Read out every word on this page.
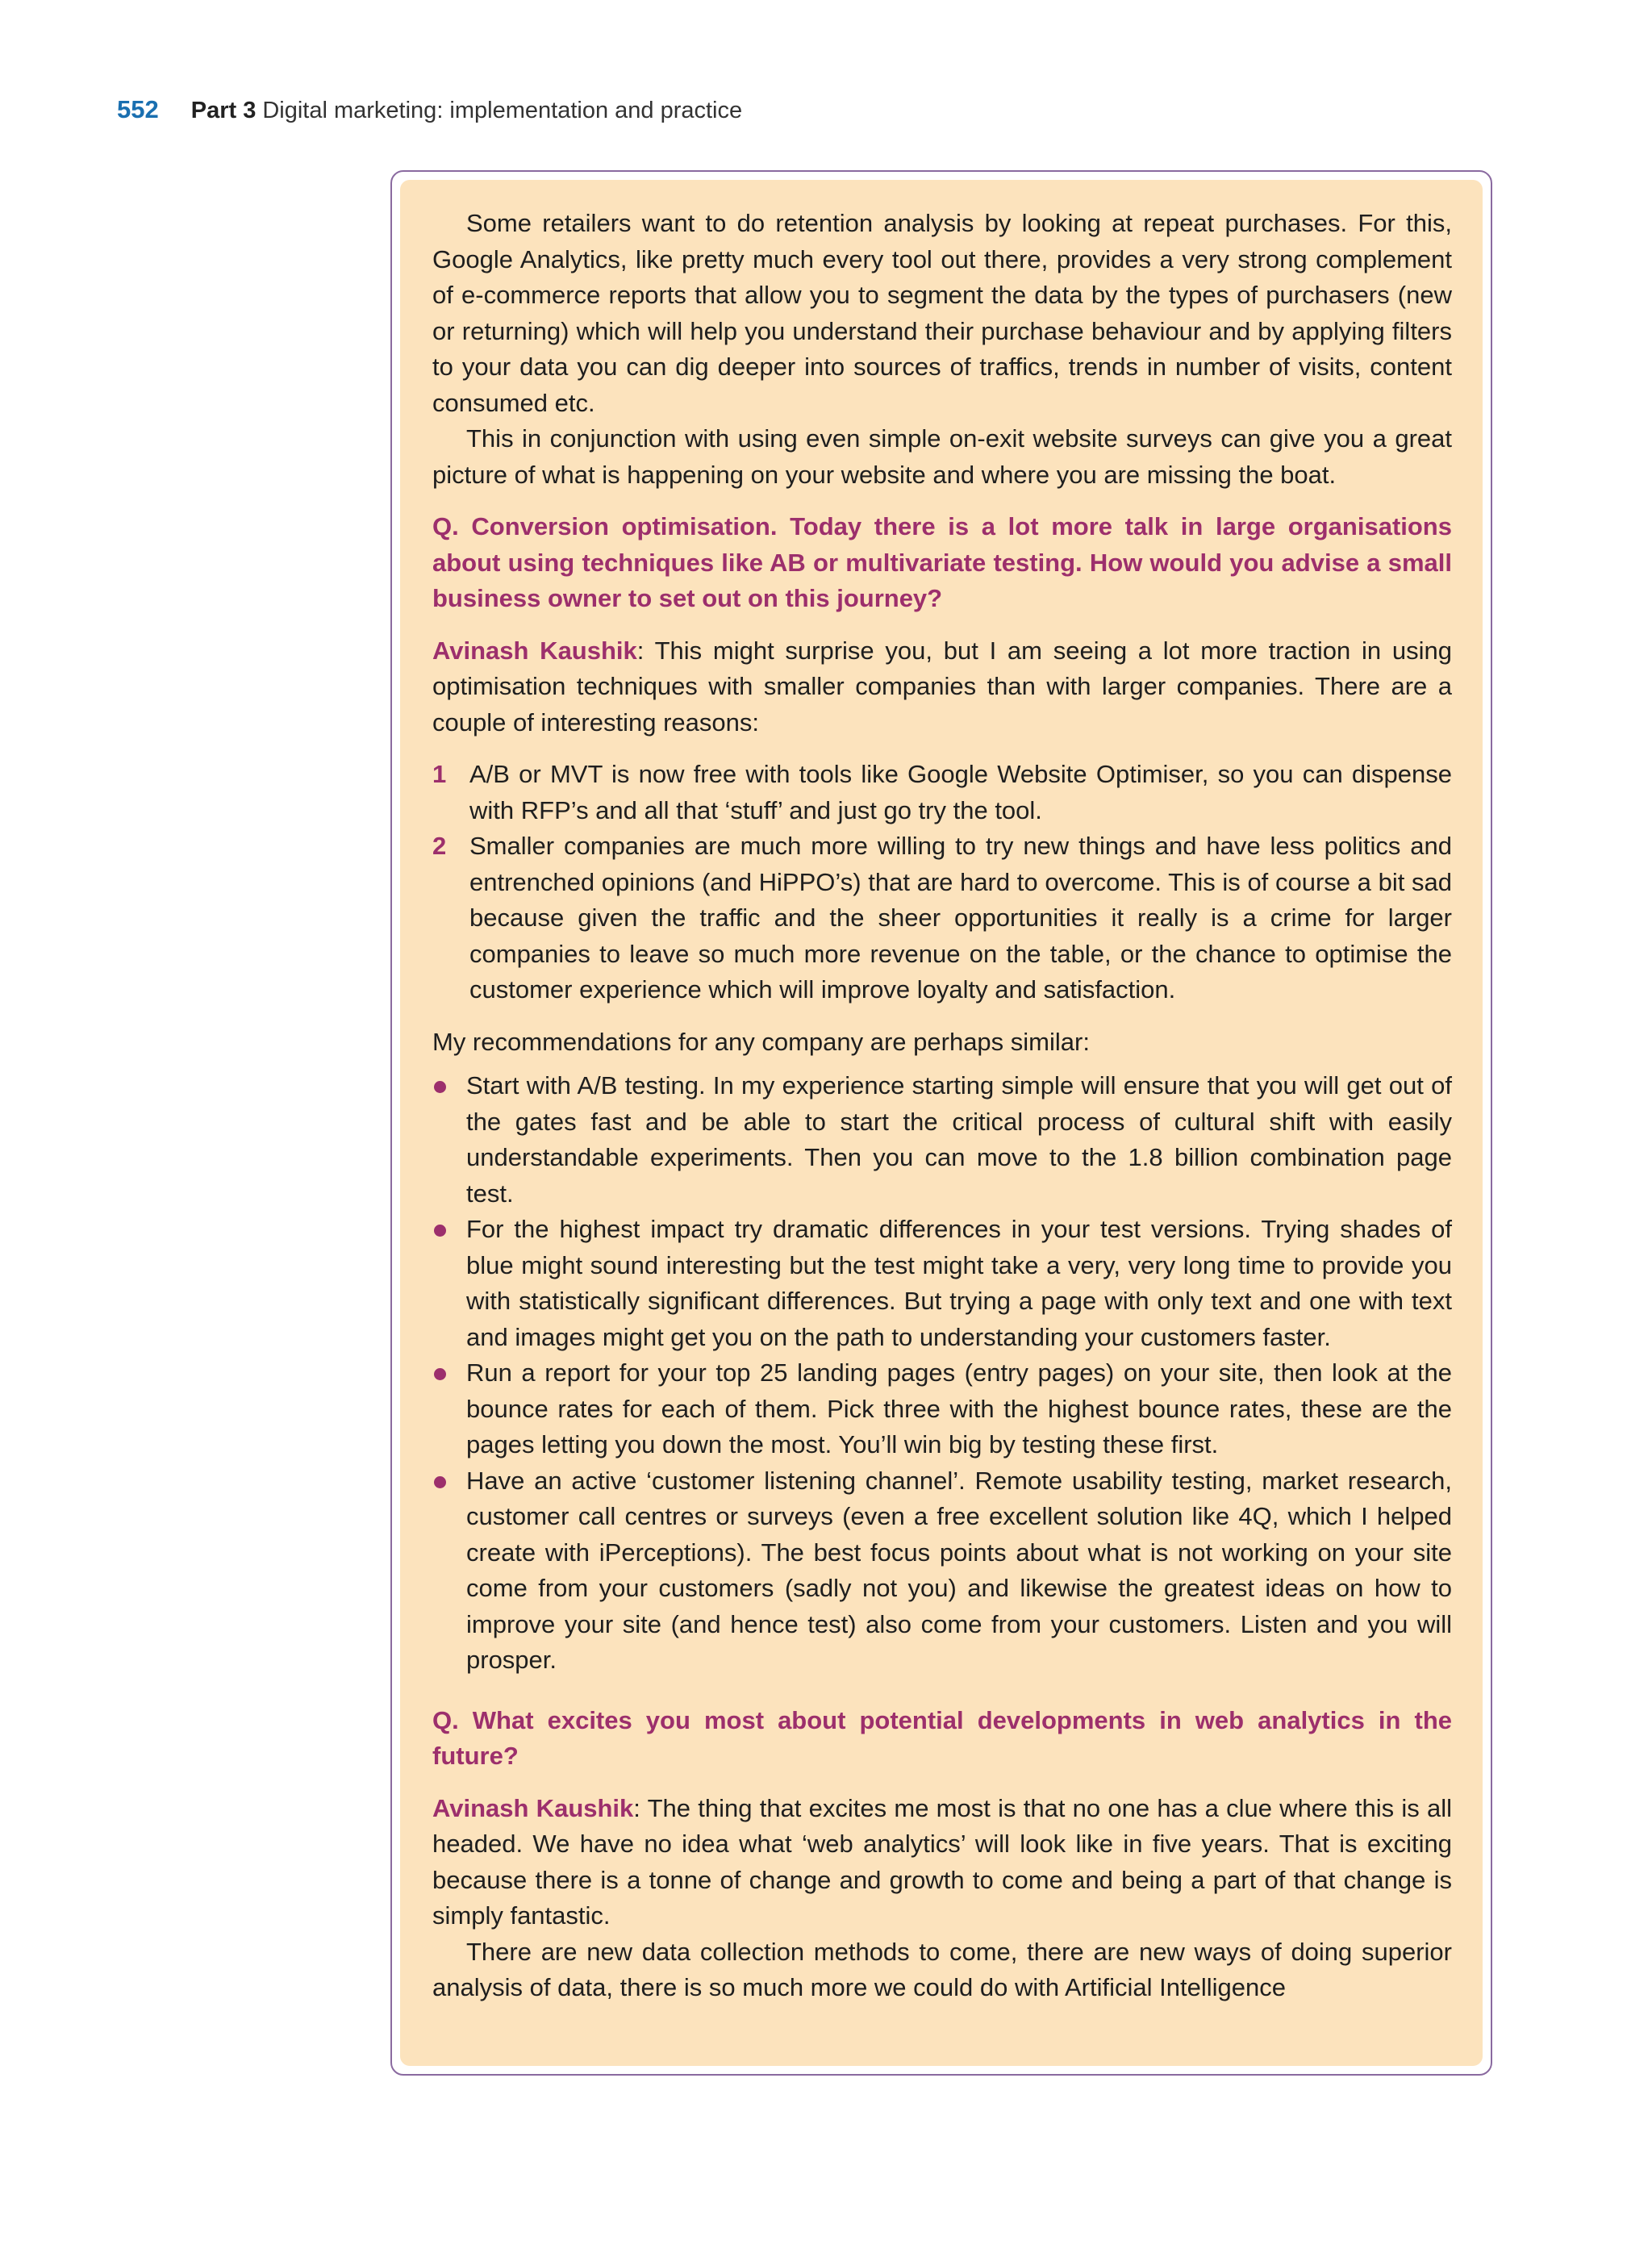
552 Part 3 Digital marketing: implementation and practice

Some retailers want to do retention analysis by looking at repeat purchases. For this, Google Analytics, like pretty much every tool out there, provides a very strong complement of e-commerce reports that allow you to segment the data by the types of purchasers (new or returning) which will help you understand their purchase behaviour and by applying filters to your data you can dig deeper into sources of traffics, trends in number of visits, content consumed etc.

This in conjunction with using even simple on-exit website surveys can give you a great picture of what is happening on your website and where you are missing the boat.

Q. Conversion optimisation. Today there is a lot more talk in large organisations about using techniques like AB or multivariate testing. How would you advise a small business owner to set out on this journey?

Avinash Kaushik: This might surprise you, but I am seeing a lot more traction in using optimisation techniques with smaller companies than with larger companies. There are a couple of interesting reasons:

1 A/B or MVT is now free with tools like Google Website Optimiser, so you can dispense with RFP’s and all that ‘stuff’ and just go try the tool.
2 Smaller companies are much more willing to try new things and have less politics and entrenched opinions (and HiPPO’s) that are hard to overcome. This is of course a bit sad because given the traffic and the sheer opportunities it really is a crime for larger companies to leave so much more revenue on the table, or the chance to optimise the customer experience which will improve loyalty and satisfaction.

My recommendations for any company are perhaps similar:

Start with A/B testing. In my experience starting simple will ensure that you will get out of the gates fast and be able to start the critical process of cultural shift with easily understandable experiments. Then you can move to the 1.8 billion combination page test.
For the highest impact try dramatic differences in your test versions. Trying shades of blue might sound interesting but the test might take a very, very long time to provide you with statistically significant differences. But trying a page with only text and one with text and images might get you on the path to understanding your customers faster.
Run a report for your top 25 landing pages (entry pages) on your site, then look at the bounce rates for each of them. Pick three with the highest bounce rates, these are the pages letting you down the most. You’ll win big by testing these first.
Have an active ‘customer listening channel’. Remote usability testing, market research, customer call centres or surveys (even a free excellent solution like 4Q, which I helped create with iPerceptions). The best focus points about what is not working on your site come from your customers (sadly not you) and likewise the greatest ideas on how to improve your site (and hence test) also come from your customers. Listen and you will prosper.

Q. What excites you most about potential developments in web analytics in the future?

Avinash Kaushik: The thing that excites me most is that no one has a clue where this is all headed. We have no idea what ‘web analytics’ will look like in five years. That is exciting because there is a tonne of change and growth to come and being a part of that change is simply fantastic.

There are new data collection methods to come, there are new ways of doing superior analysis of data, there is so much more we could do with Artificial Intelligence
